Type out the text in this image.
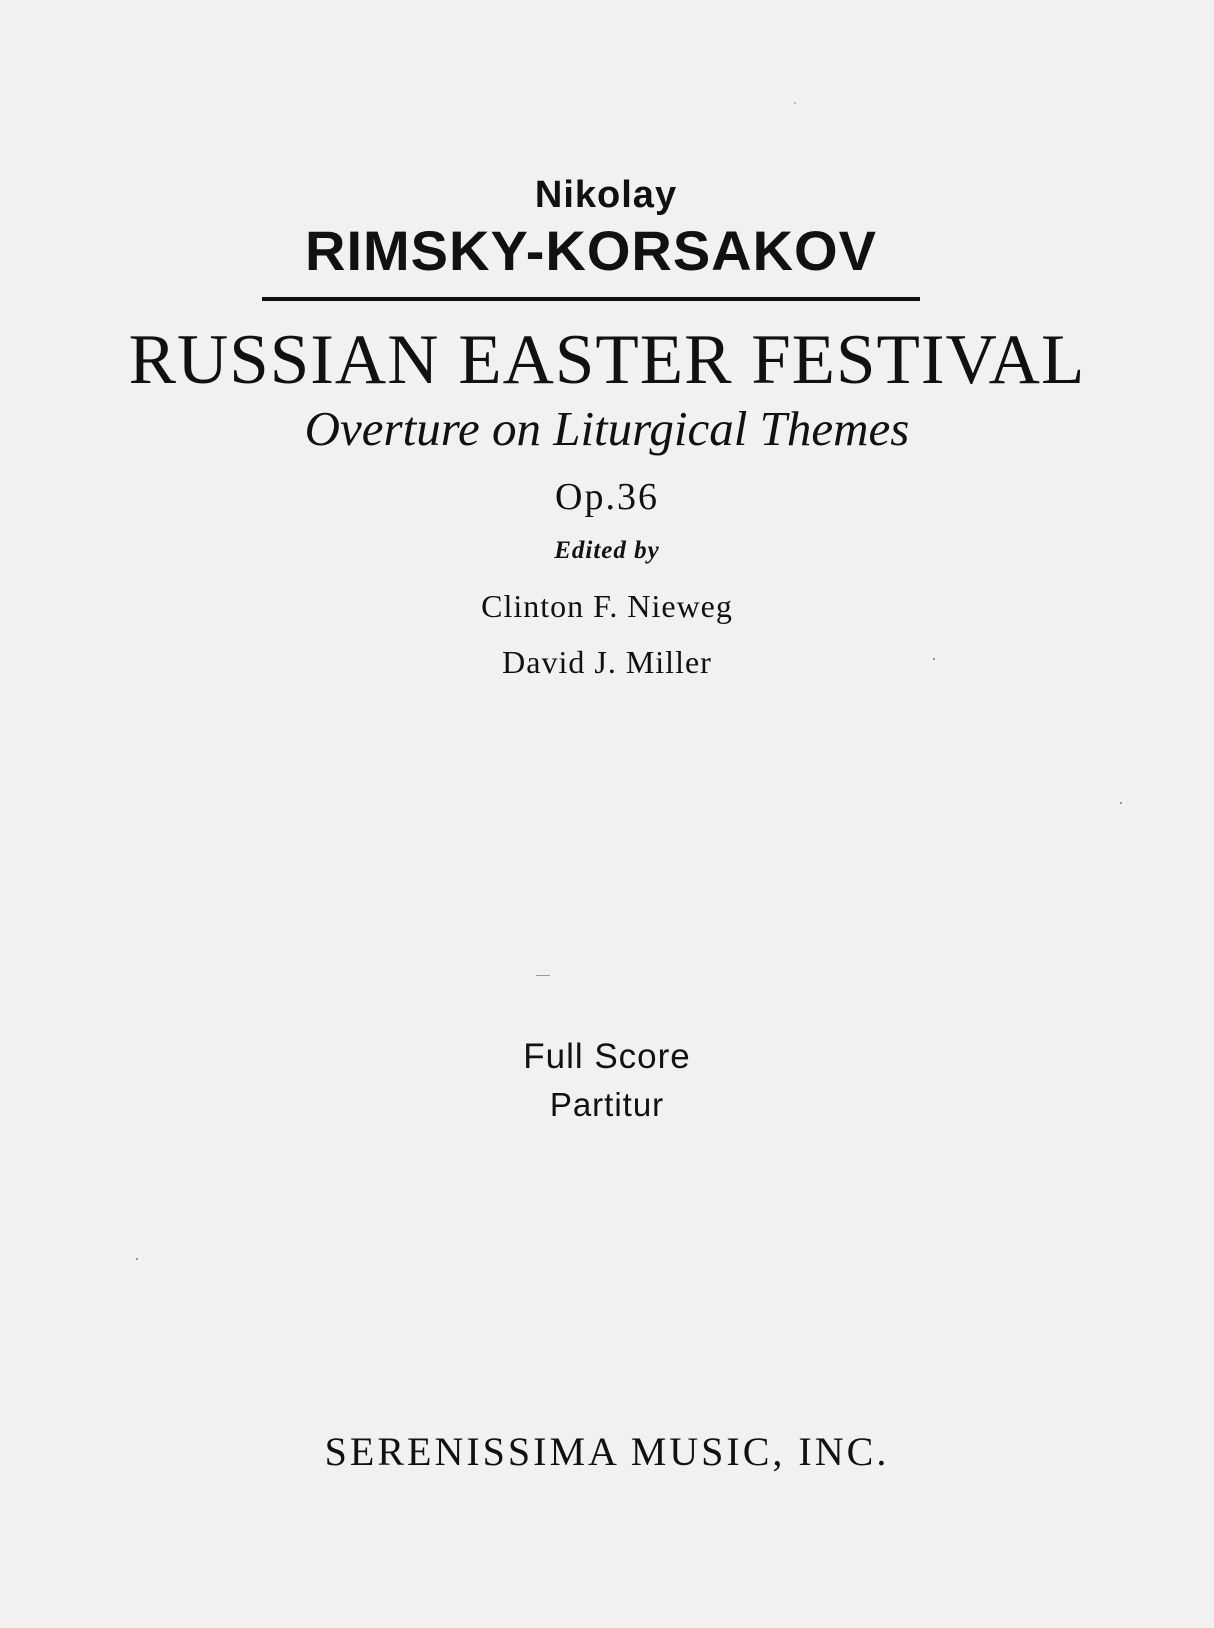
Nikolay
RIMSKY-KORSAKOV
RUSSIAN EASTER FESTIVAL
Overture on Liturgical Themes
Op.36
Edited by
Clinton F. Nieweg
David J. Miller
Full Score
Partitur
SERENISSIMA MUSIC, INC.
